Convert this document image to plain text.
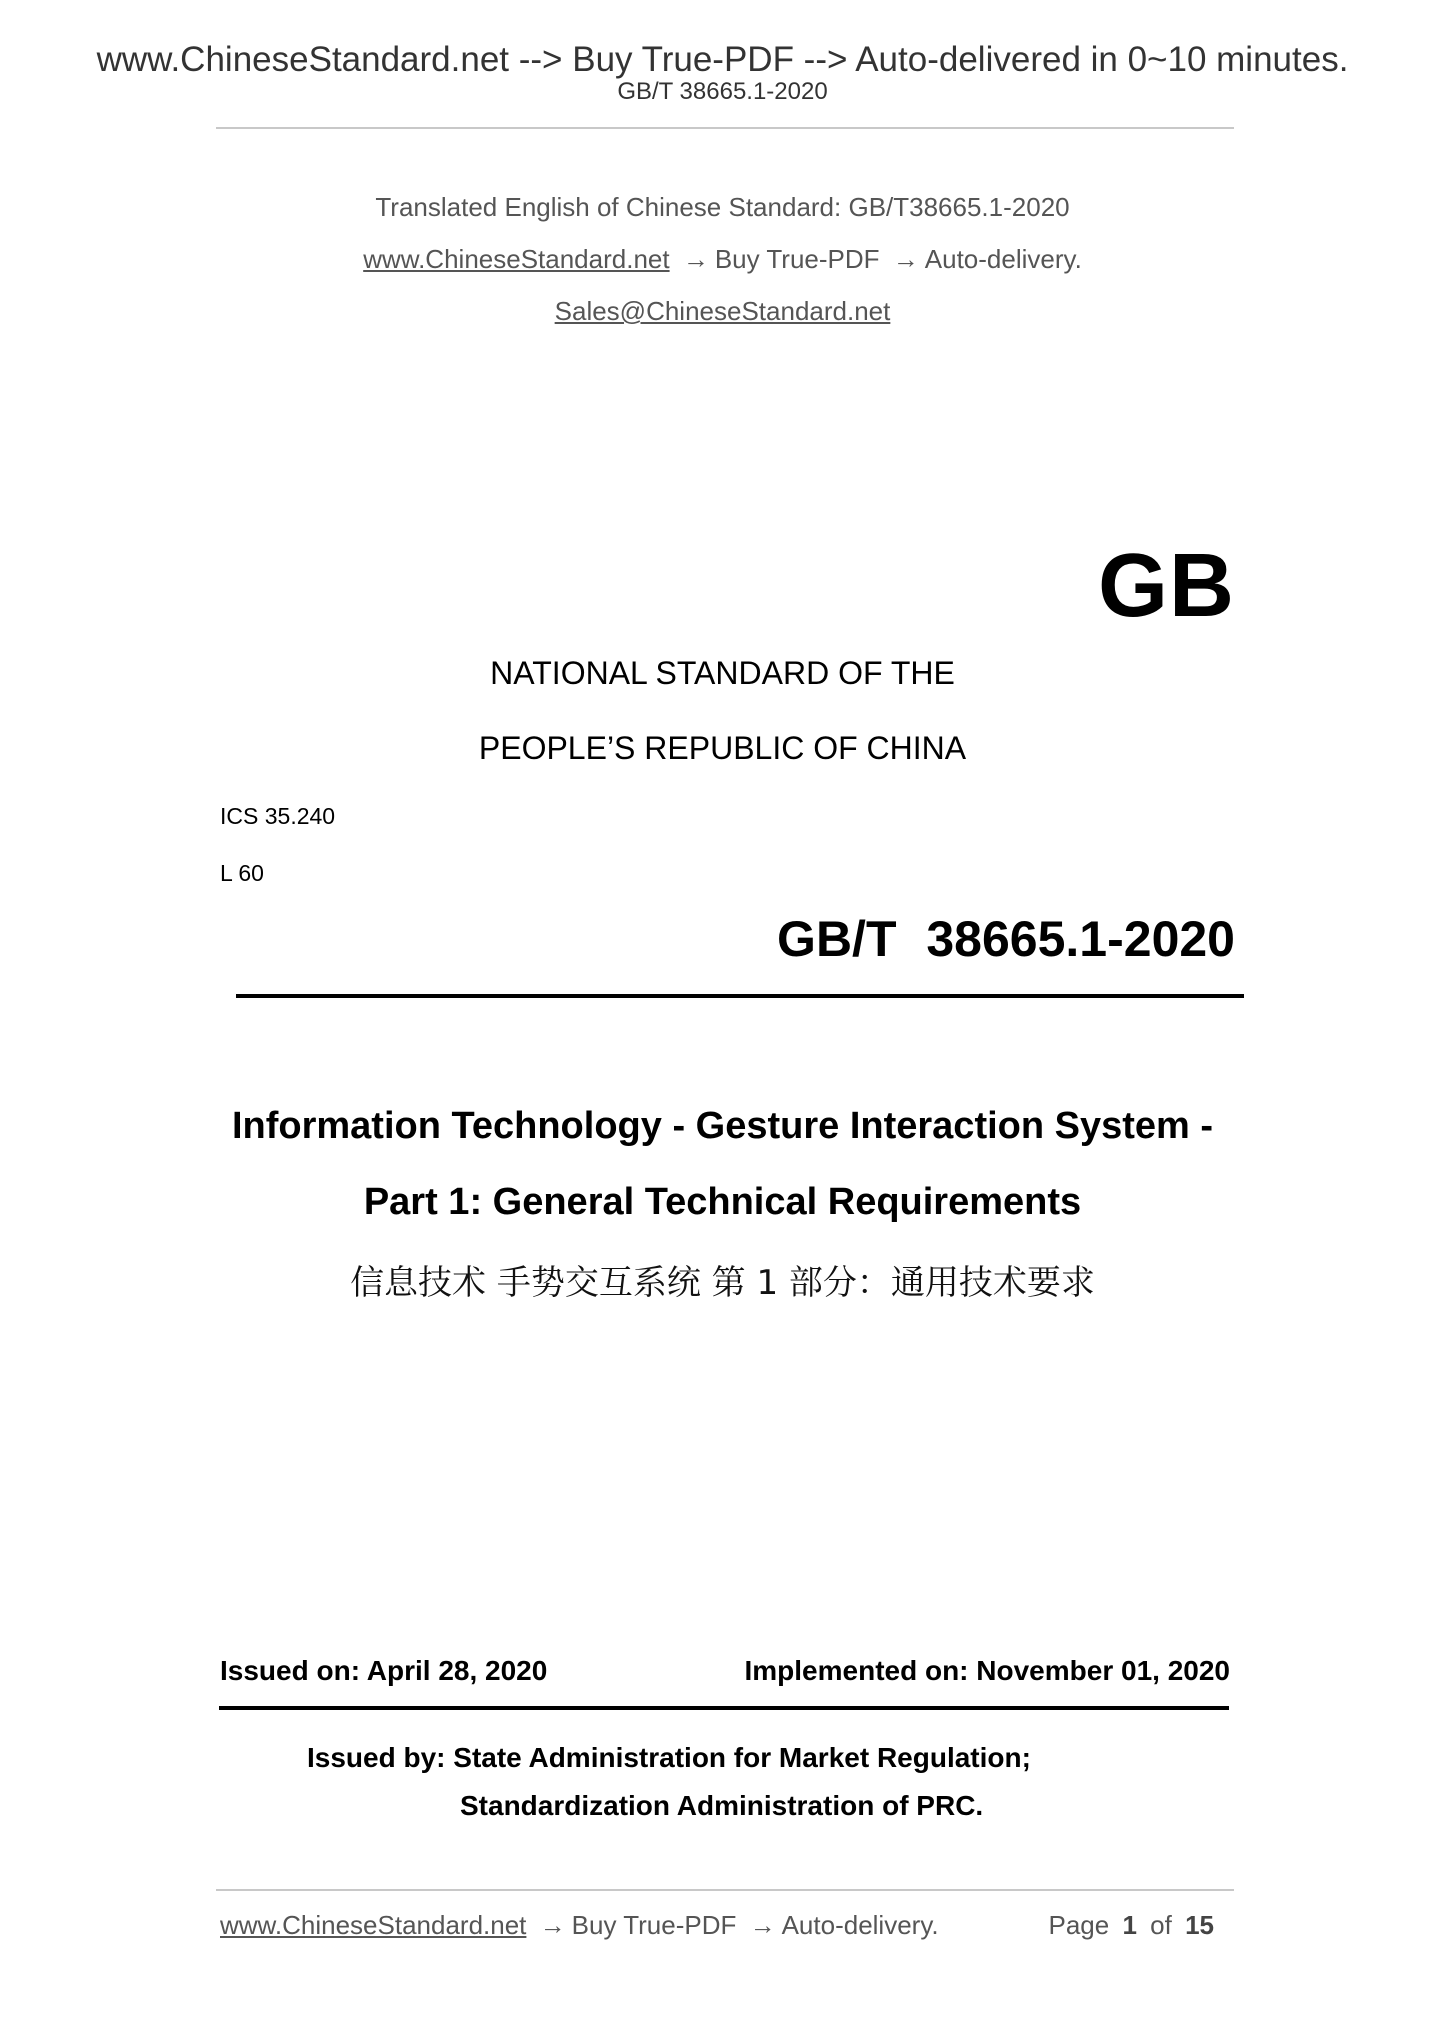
www.ChineseStandard.net --> Buy True-PDF --> Auto-delivered in 0~10 minutes.
GB/T 38665.1-2020
Translated English of Chinese Standard: GB/T38665.1-2020
www.ChineseStandard.net → Buy True-PDF → Auto-delivery.
Sales@ChineseStandard.net
GB
NATIONAL STANDARD OF THE
PEOPLE’S REPUBLIC OF CHINA
ICS 35.240
L 60
GB/T 38665.1-2020
Information Technology - Gesture Interaction System -
Part 1: General Technical Requirements
信息技术 手势交互系统 第 1 部分：通用技术要求
Issued on: April 28, 2020	Implemented on: November 01, 2020
Issued by: State Administration for Market Regulation;
Standardization Administration of PRC.
www.ChineseStandard.net → Buy True-PDF → Auto-delivery.	Page 1 of 15
